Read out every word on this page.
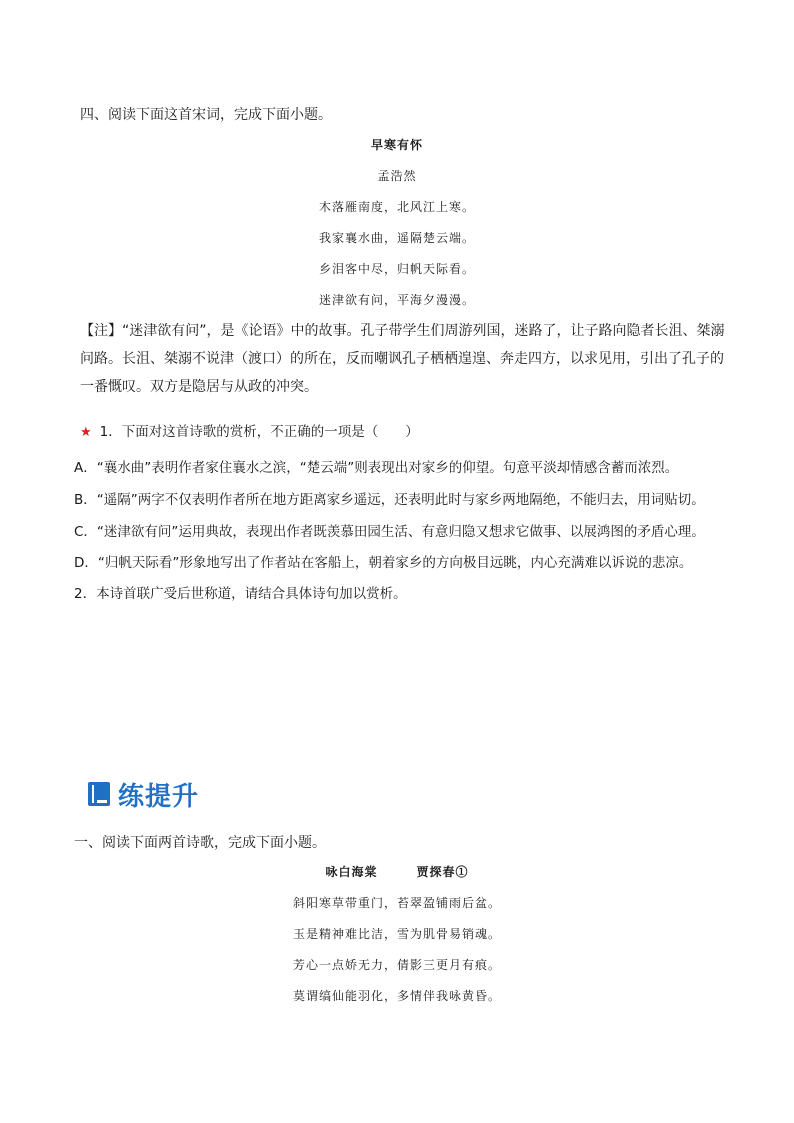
四、阅读下面这首宋词，完成下面小题。
早寒有怀
孟浩然
木落雁南度，北风江上寒。
我家襄水曲，遥隔楚云端。
乡泪客中尽，归帆天际看。
迷津欲有问，平海夕漫漫。
【注】“迷津欲有问”，是《论语》中的故事。孔子带学生们周游列国，迷路了，让子路向隐者长沮、桀溺问路。长沮、桀溺不说津（渡口）的所在，反而嘲讽孔子栖栖遑遑、奔走四方，以求见用，引出了孔子的一番慨叹。双方是隐居与从政的冲突。
★ 1．下面对这首诗歌的赏析，不正确的一项是（　　）
A．“襄水曲”表明作者家住襄水之滨，“楚云端”则表现出对家乡的仰望。句意平淡却情感含蓄而浓烈。
B．“遥隔”两字不仅表明作者所在地方距离家乡遥远，还表明此时与家乡两地隔绝，不能归去，用词贴切。
C．“迷津欲有问”运用典故，表现出作者既羡慕田园生活、有意归隐又想求它做事、以展鸿图的矛盾心理。
D．“归帆天际看”形象地写出了作者站在客船上，朝着家乡的方向极目远眺，内心充满难以诉说的悲凉。
2．本诗首联广受后世称道，请结合具体诗句加以赏析。
练提升
一、阅读下面两首诗歌，完成下面小题。
咏白海棠　　　贾探春①
斜阳寒草带重门，苔翠盈铺雨后盆。
玉是精神难比洁，雪为肌骨易销魂。
芳心一点娇无力，倩影三更月有痕。
莫谓缟仙能羽化，多情伴我咏黄昏。
